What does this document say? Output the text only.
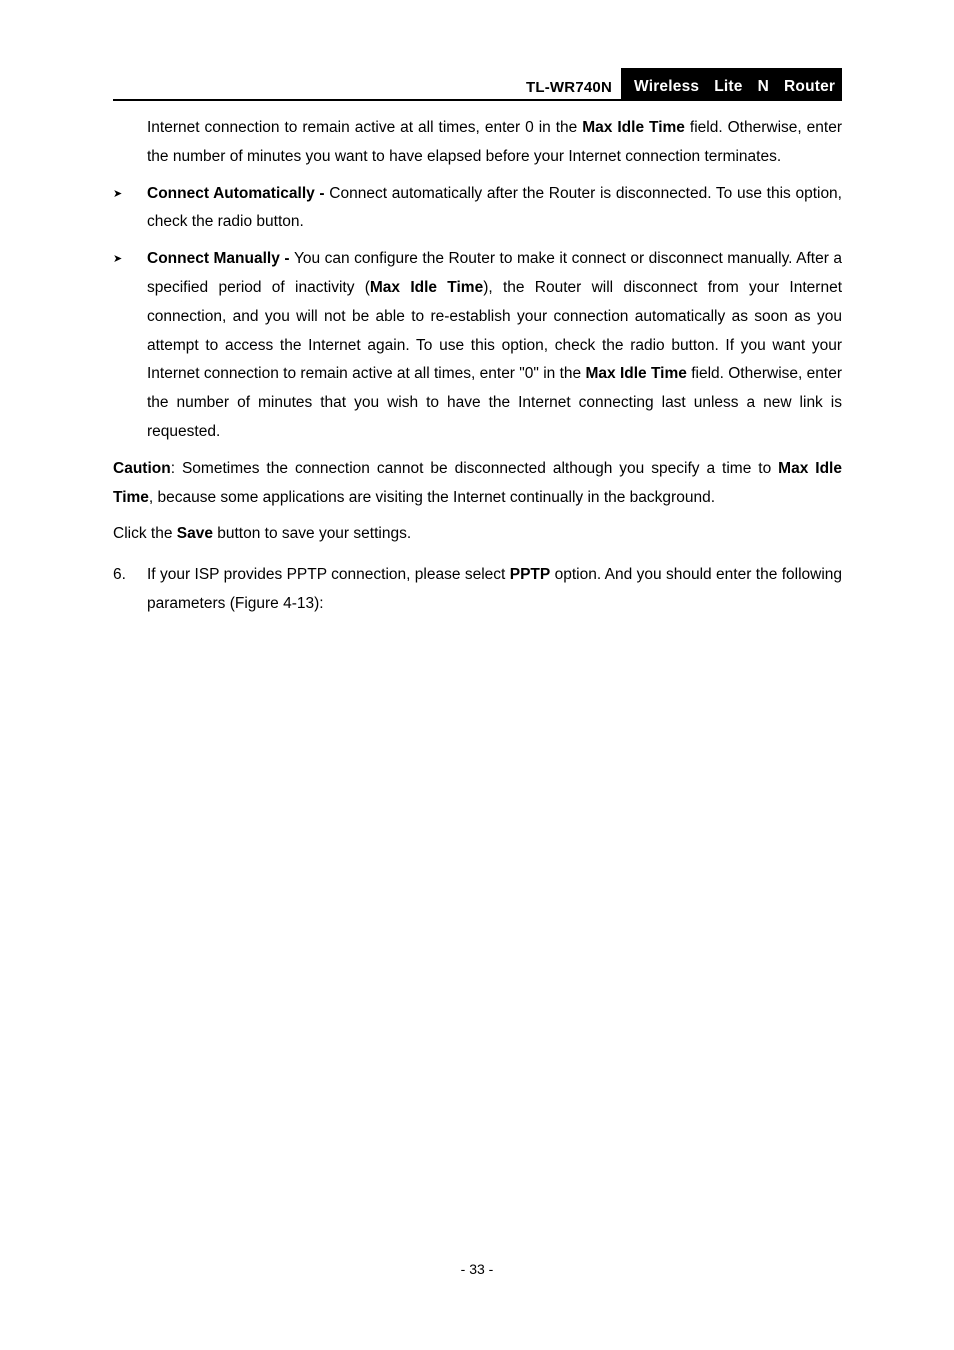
TL-WR740N	Wireless  Lite  N  Router

Internet connection to remain active at all times, enter 0 in the Max Idle Time field. Otherwise, enter the number of minutes you want to have elapsed before your Internet connection terminates.

➤	Connect Automatically - Connect automatically after the Router is disconnected. To use this option, check the radio button.

➤	Connect Manually - You can configure the Router to make it connect or disconnect manually. After a specified period of inactivity (Max Idle Time), the Router will disconnect from your Internet connection, and you will not be able to re-establish your connection automatically as soon as you attempt to access the Internet again. To use this option, check the radio button. If you want your Internet connection to remain active at all times, enter "0" in the Max Idle Time field. Otherwise, enter the number of minutes that you wish to have the Internet connecting last unless a new link is requested.

Caution: Sometimes the connection cannot be disconnected although you specify a time to Max Idle Time, because some applications are visiting the Internet continually in the background.

Click the Save button to save your settings.

6. If your ISP provides PPTP connection, please select PPTP option. And you should enter the following parameters (Figure 4-13):

- 33 -
